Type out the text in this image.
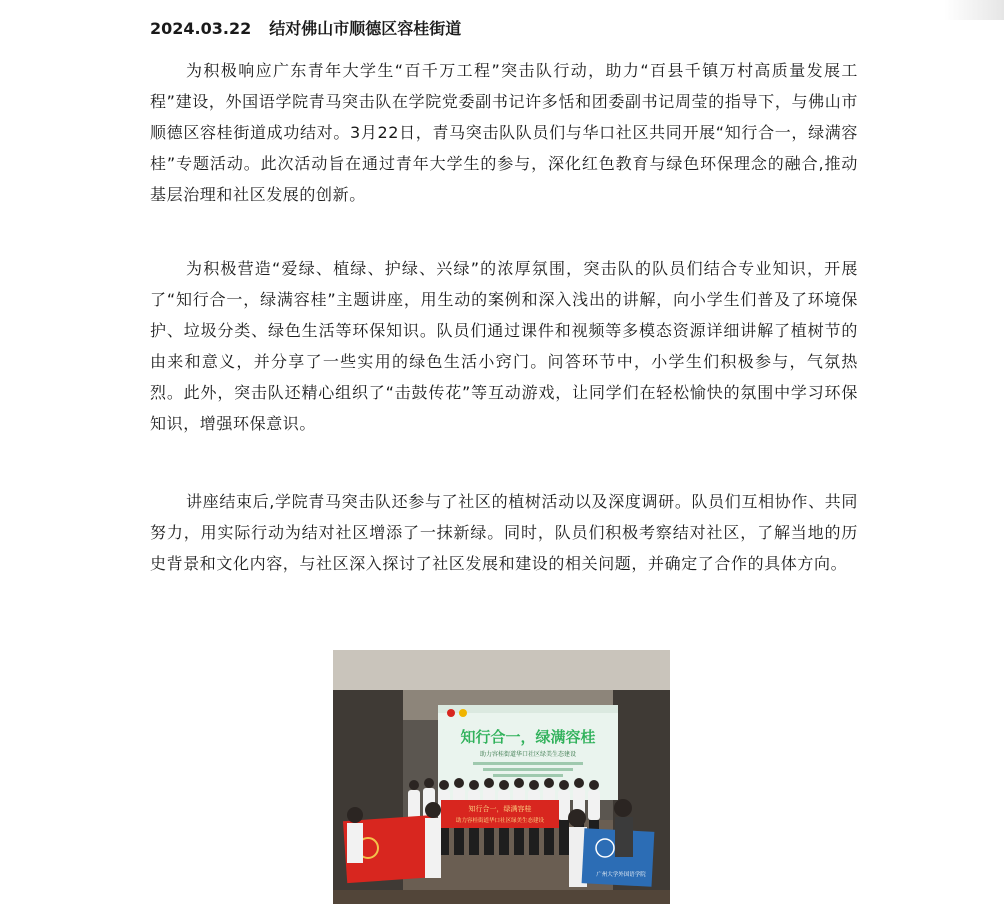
2024.03.22 结对佛山市顺德区容桂街道

为积极响应广东青年大学生“百千万工程”突击队行动，助力“百县千镇万村高质量发展工程”建设，外国语学院青马突击队在学院党委副书记许多恬和团委副书记周莹的指导下，与佛山市顺德区容桂街道成功结对。3月22日，青马突击队队员们与华口社区共同开展“知行合一，绿满容桂”专题活动。此次活动旨在通过青年大学生的参与，深化红色教育与绿色环保理念的融合,推动基层治理和社区发展的创新。

为积极营造“爱绿、植绿、护绿、兴绿”的浓厚氛围，突击队的队员们结合专业知识，开展了“知行合一，绿满容桂”主题讲座，用生动的案例和深入浅出的讲解，向小学生们普及了环境保护、垃圾分类、绿色生活等环保知识。队员们通过课件和视频等多模态资源详细讲解了植树节的由来和意义，并分享了一些实用的绿色生活小窍门。问答环节中，小学生们积极参与，气氛热烈。此外，突击队还精心组织了“击鼓传花”等互动游戏，让同学们在轻松愉快的氛围中学习环保知识，增强环保意识。

讲座结束后,学院青马突击队还参与了社区的植树活动以及深度调研。队员们互相协作、共同努力，用实际行动为结对社区增添了一抹新绿。同时，队员们积极考察结对社区，了解当地的历史背景和文化内容，与社区深入探讨了社区发展和建设的相关问题，并确定了合作的具体方向。

知行合一，绿满容桂
助力容桂街道华口社区绿美生态建设
知行合一，绿满容桂
助力容桂街道华口社区绿美生态建设
广州大学外国语学院
